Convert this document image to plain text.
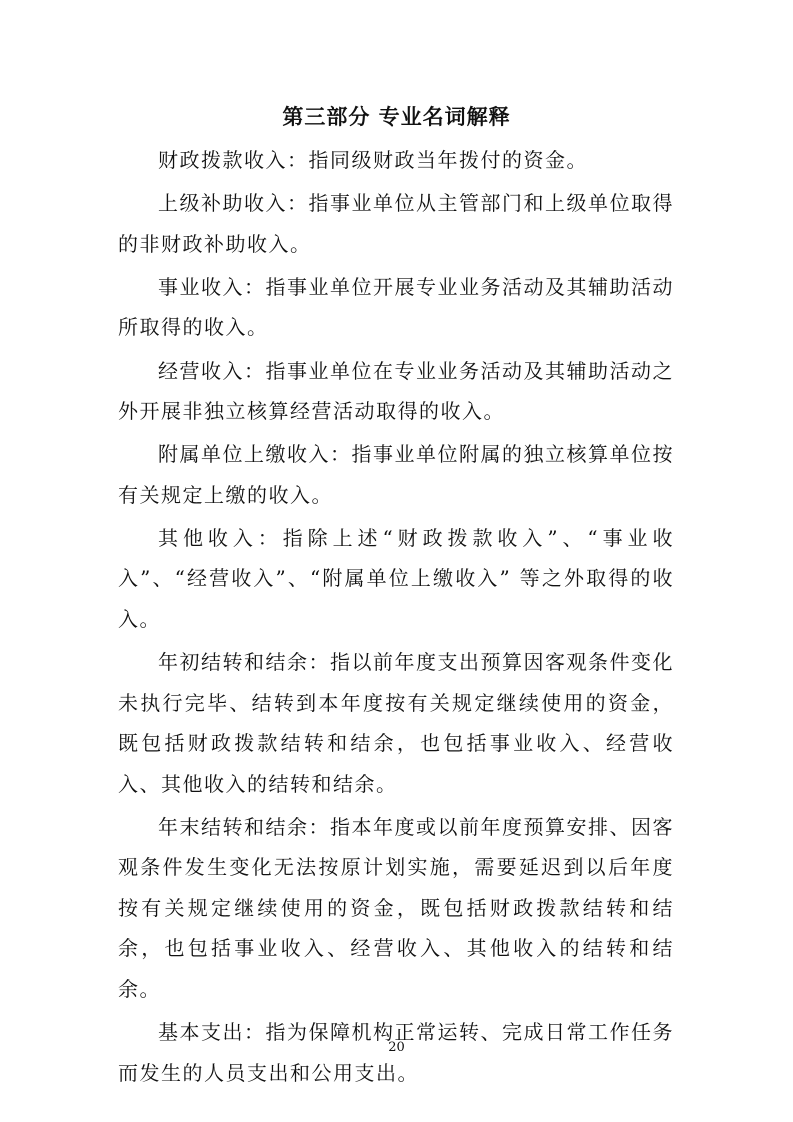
第三部分 专业名词解释

财政拨款收入：指同级财政当年拨付的资金。

上级补助收入：指事业单位从主管部门和上级单位取得的非财政补助收入。

事业收入：指事业单位开展专业业务活动及其辅助活动所取得的收入。

经营收入：指事业单位在专业业务活动及其辅助活动之外开展非独立核算经营活动取得的收入。

附属单位上缴收入：指事业单位附属的独立核算单位按有关规定上缴的收入。

其他收入：指除上述“财政拨款收入”、“事业收入”、“经营收入”、“附属单位上缴收入” 等之外取得的收入。

年初结转和结余：指以前年度支出预算因客观条件变化未执行完毕、结转到本年度按有关规定继续使用的资金，既包括财政拨款结转和结余，也包括事业收入、经营收入、其他收入的结转和结余。

年末结转和结余：指本年度或以前年度预算安排、因客观条件发生变化无法按原计划实施，需要延迟到以后年度按有关规定继续使用的资金，既包括财政拨款结转和结余，也包括事业收入、经营收入、其他收入的结转和结余。

基本支出：指为保障机构正常运转、完成日常工作任务而发生的人员支出和公用支出。

20
